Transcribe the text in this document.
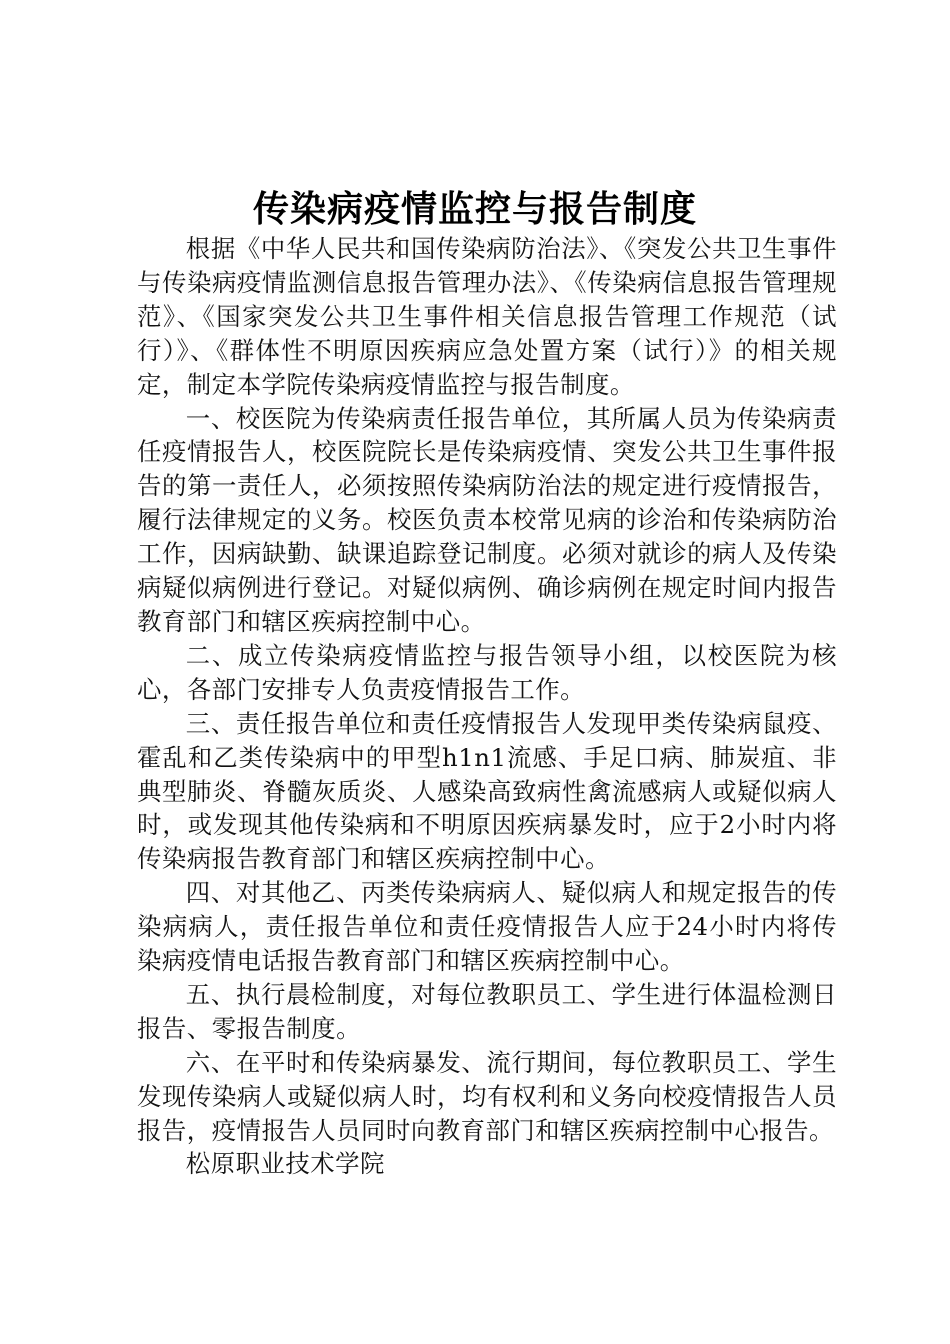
传染病疫情监控与报告制度

根据《中华人民共和国传染病防治法》、《突发公共卫生事件与传染病疫情监测信息报告管理办法》、《传染病信息报告管理规范》、《国家突发公共卫生事件相关信息报告管理工作规范（试行）》、《群体性不明原因疾病应急处置方案（试行）》的相关规定，制定本学院传染病疫情监控与报告制度。

一、校医院为传染病责任报告单位，其所属人员为传染病责任疫情报告人，校医院院长是传染病疫情、突发公共卫生事件报告的第一责任人，必须按照传染病防治法的规定进行疫情报告，履行法律规定的义务。校医负责本校常见病的诊治和传染病防治工作，因病缺勤、缺课追踪登记制度。必须对就诊的病人及传染病疑似病例进行登记。对疑似病例、确诊病例在规定时间内报告教育部门和辖区疾病控制中心。

二、成立传染病疫情监控与报告领导小组，以校医院为核心，各部门安排专人负责疫情报告工作。

三、责任报告单位和责任疫情报告人发现甲类传染病鼠疫、霍乱和乙类传染病中的甲型h1n1流感、手足口病、肺炭疽、非典型肺炎、脊髓灰质炎、人感染高致病性禽流感病人或疑似病人时，或发现其他传染病和不明原因疾病暴发时，应于2小时内将传染病报告教育部门和辖区疾病控制中心。

四、对其他乙、丙类传染病病人、疑似病人和规定报告的传染病病人，责任报告单位和责任疫情报告人应于24小时内将传染病疫情电话报告教育部门和辖区疾病控制中心。

五、执行晨检制度，对每位教职员工、学生进行体温检测日报告、零报告制度。

六、在平时和传染病暴发、流行期间，每位教职员工、学生发现传染病人或疑似病人时，均有权利和义务向校疫情报告人员报告，疫情报告人员同时向教育部门和辖区疾病控制中心报告。

松原职业技术学院
